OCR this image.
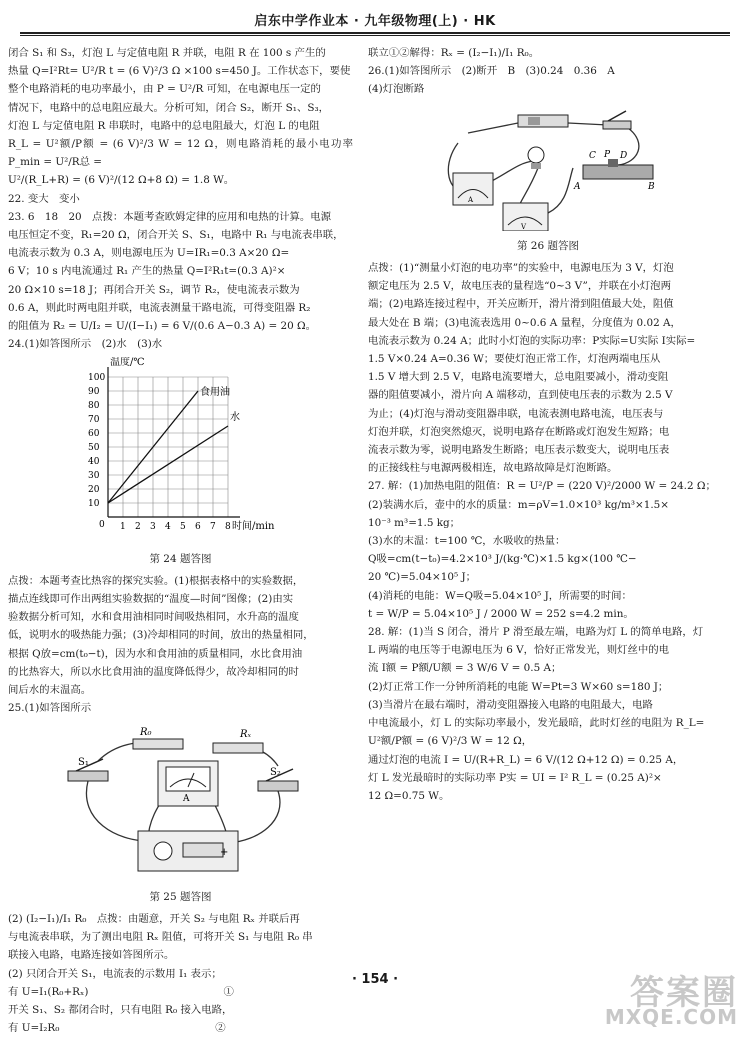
启东中学作业本 · 九年级物理(上) · HK

闭合 S₁ 和 S₃，灯泡 L 与定值电阻 R 并联，电阻 R 在 100 s 产生的

热量 Q=I²Rt= U²/R t = (6 V)²/3 Ω ×100 s=450 J。工作状态下，要使

整个电路消耗的电功率最小，由 P = U²/R 可知，在电源电压一定的

情况下，电路中的总电阻应最大。分析可知，闭合 S₂，断开 S₁、S₃，

灯泡 L 与定值电阻 R 串联时，电路中的总电阻最大，灯泡 L 的电阻

R_L = U²额/P额 = (6 V)²/3 W = 12 Ω，则电路消耗的最小电功率 P_min = U²/R总 =

U²/(R_L+R) = (6 V)²/(12 Ω+8 Ω) = 1.8 W。

22. 变大　变小

23. 6　18　20　点拨：本题考查欧姆定律的应用和电热的计算。电源

电压恒定不变，R₁=20 Ω，闭合开关 S、S₁，电路中 R₁ 与电流表串联，

电流表示数为 0.3 A，则电源电压为 U=IR₁=0.3 A×20 Ω=

6 V；10 s 内电流通过 R₁ 产生的热量 Q=I²R₁t=(0.3 A)²×

20 Ω×10 s=18 J；再闭合开关 S₂，调节 R₂，使电流表示数为

0.6 A，则此时两电阻并联，电流表测量干路电流，可得变阻器 R₂

的阻值为 R₂ = U/I₂ = U/(I−I₁) = 6 V/(0.6 A−0.3 A) = 20 Ω。

24.(1)如答图所示　(2)水　(3)水

1 2 3 4 5 6 7 8
0
10
20
30
40
50
60
70
80
90
100
温度/℃
时间/min
食用油
水
第 24 题答图

点拨：本题考查比热容的探究实验。(1)根据表格中的实验数据，

描点连线即可作出两组实验数据的“温度—时间”图像；(2)由实

验数据分析可知，水和食用油相同时间吸热相同，水升高的温度

低，说明水的吸热能力强；(3)冷却相同的时间，放出的热量相同，

根据 Q放=cm(t₀−t)，因为水和食用油的质量相同，水比食用油

的比热容大，所以水比食用油的温度降低得少，故冷却相同的时

间后水的末温高。

25.(1)如答图所示

R₀	Rₓ
S₁
S₂
A
+
第 25 题答图

(2) (I₂−I₁)/I₁ R₀　点拨：由题意，开关 S₂ 与电阻 Rₓ 并联后再

与电流表串联，为了测出电阻 Rₓ 阻值，可将开关 S₁ 与电阻 R₀ 串

联接入电路，电路连接如答图所示。

(2) 只闭合开关 S₁，电流表的示数用 I₁ 表示；

有 U=I₁(R₀+Rₓ)　　　　　　　　　　　　　①

开关 S₁、S₂ 都闭合时，只有电阻 R₀ 接入电路，

有 U=I₂R₀　　　　　　　　　　　　　　　②

联立①②解得：Rₓ = (I₂−I₁)/I₁ R₀。

26.(1)如答图所示　(2)断开　B　(3)0.24　0.36　A

(4)灯泡断路

A
V
C P D
A	B
第 26 题答图

点拨：(1)“测量小灯泡的电功率”的实验中，电源电压为 3 V，灯泡

额定电压为 2.5 V，故电压表的量程选“0~3 V”，并联在小灯泡两

端；(2)电路连接过程中，开关应断开，滑片滑到阻值最大处，阻值

最大处在 B 端；(3)电流表选用 0~0.6 A 量程，分度值为 0.02 A，

电流表示数为 0.24 A；此时小灯泡的实际功率：P实际=U实际 I实际=

1.5 V×0.24 A=0.36 W；要使灯泡正常工作，灯泡两端电压从

1.5 V 增大到 2.5 V，电路电流要增大，总电阻要减小，滑动变阻

器的阻值要减小，滑片向 A 端移动，直到使电压表的示数为 2.5 V

为止；(4)灯泡与滑动变阻器串联，电流表测电路电流，电压表与

灯泡并联，灯泡突然熄灭，说明电路存在断路或灯泡发生短路；电

流表示数为零，说明电路发生断路；电压表示数变大，说明电压表

的正接线柱与电源两极相连，故电路故障是灯泡断路。

27. 解：(1)加热电阻的阻值：R = U²/P = (220 V)²/2000 W = 24.2 Ω；

(2)装满水后，壶中的水的质量：m=ρV=1.0×10³ kg/m³×1.5×

10⁻³ m³=1.5 kg；

(3)水的末温：t=100 ℃，水吸收的热量：

Q吸=cm(t−t₀)=4.2×10³ J/(kg·℃)×1.5 kg×(100 ℃−

20 ℃)=5.04×10⁵ J；

(4)消耗的电能：W=Q吸=5.04×10⁵ J，所需要的时间：

t = W/P = 5.04×10⁵ J / 2000 W = 252 s=4.2 min。

28. 解：(1)当 S 闭合，滑片 P 滑至最左端，电路为灯 L 的简单电路，灯

L 两端的电压等于电源电压为 6 V，恰好正常发光，则灯丝中的电

流 I额 = P额/U额 = 3 W/6 V = 0.5 A；

(2)灯正常工作一分钟所消耗的电能 W=Pt=3 W×60 s=180 J；

(3)当滑片在最右端时，滑动变阻器接入电路的电阻最大，电路

中电流最小，灯 L 的实际功率最小，发光最暗，此时灯丝的电阻为 R_L=

U²额/P额 = (6 V)²/3 W = 12 Ω，

通过灯泡的电流 I = U/(R+R_L) = 6 V/(12 Ω+12 Ω) = 0.25 A，

灯 L 发光最暗时的实际功率 P实 = UI = I² R_L = (0.25 A)²×

12 Ω=0.75 W。

· 154 ·	答案圈
MXQE.COM
